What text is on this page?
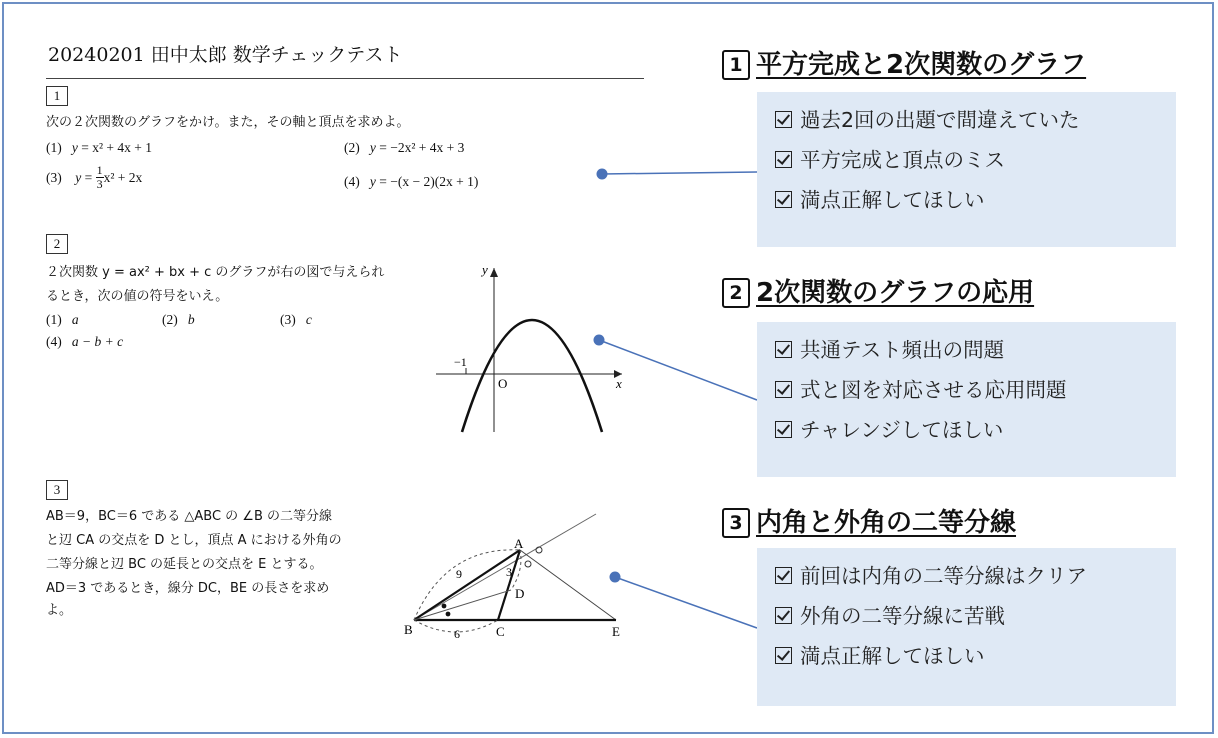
20240201 田中太郎 数学チェックテスト
1
次の２次関数のグラフをかけ。また，その軸と頂点を求めよ。
(1) y = x² + 4x + 1	(2) y = −2x² + 4x + 3
(3)
y
=
$\frac{1}{3} x^2 + 2x$	(4) y = −(x − 2)(2x + 1)
2
２次関数 y = ax² + bx + c のグラフが右の図で与えられ
るとき，次の値の符号をいえ。
(1) a	(2) b	(3) c
(4) a − b + c
y
x
O
−1
3
AB＝9，BC＝6 である △ABC の ∠B の二等分線
と辺 CA の交点を D とし，頂点 A における外角の
二等分線と辺 BC の延長との交点を E とする。
AD＝3 であるとき，線分 DC，BE の長さを求め
よ。
A
B	C
D
E
9
6
3
1 平方完成と2次関数のグラフ
過去2回の出題で間違えていた
平方完成と頂点のミス
満点正解してほしい
2 2次関数のグラフの応用
共通テスト頻出の問題
式と図を対応させる応用問題
チャレンジしてほしい
3 内角と外角の二等分線
前回は内角の二等分線はクリア
外角の二等分線に苦戦
満点正解してほしい
